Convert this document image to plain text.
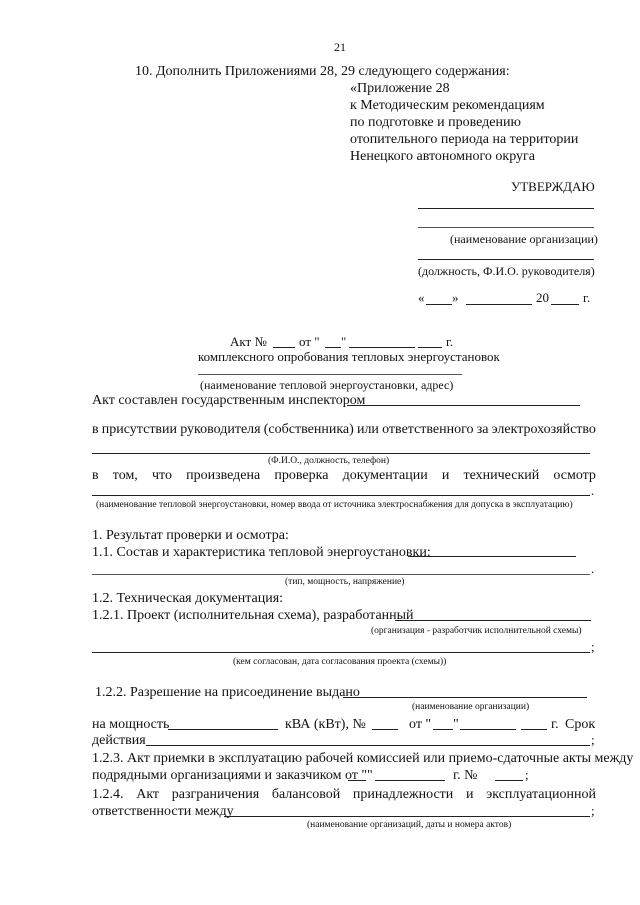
21
10. Дополнить Приложениями 28, 29 следующего содержания:
«Приложение 28
к Методическим рекомендациям
по подготовке и проведению
отопительного периода на территории
Ненецкого автономного округа
УТВЕРЖДАЮ
(наименование организации)
(должность, Ф.И.О. руководителя)
« »	20	г.
Акт № от " "	г.
комплексного опробования тепловых энергоустановок
(наименование тепловой энергоустановки, адрес)
Акт составлен государственным инспектором
в присутствии руководителя (собственника) или ответственного за электрохозяйство
(Ф.И.О., должность, телефон)
в том, что произведена проверка документации и технический осмотр
.
(наименование тепловой энергоустановки, номер ввода от источника электроснабжения для допуска в эксплуатацию)
1. Результат проверки и осмотра:
1.1. Состав и характеристика тепловой энергоустановки:
.
(тип, мощность, напряжение)
1.2. Техническая документация:
1.2.1. Проект (исполнительная схема), разработанный
(организация - разработчик исполнительной схемы)
;
(кем согласован, дата согласования проекта (схемы))
1.2.2. Разрешение на присоединение выдано
(наименование организации)
на мощность	кВА (кВт), №	от " "	г. Срок
действия	;
1.2.3. Акт приемки в эксплуатацию рабочей комиссией или приемо-сдаточные акты между
подрядными организациями и заказчиком от " "	г. №	;
1.2.4. Акт разграничения балансовой принадлежности и эксплуатационной
ответственности между	;
(наименование организаций, даты и номера актов)
